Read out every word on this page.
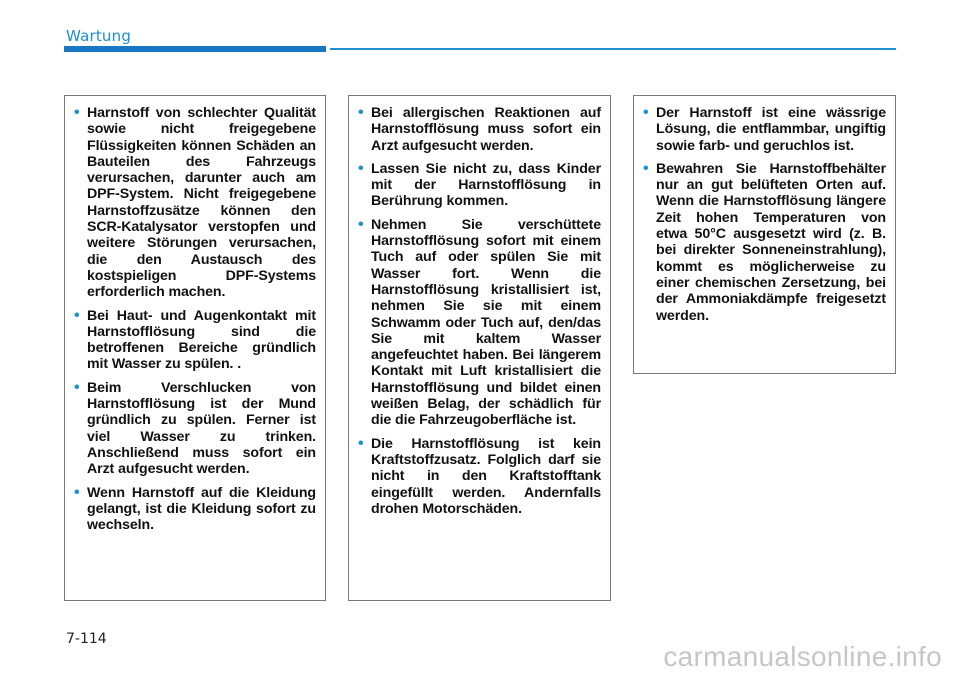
Wartung
• Harnstoff von schlechter Qualität sowie nicht freigegebene Flüssigkeiten können Schäden an Bauteilen des Fahrzeugs verursachen, darunter auch am DPF-System. Nicht freigegebene Harnstoffzusätze können den SCR-Katalysator verstopfen und weitere Störungen verursachen, die den Austausch des kostspieligen DPF-Systems erforderlich machen.
• Bei Haut- und Augenkontakt mit Harnstofflösung sind die betroffenen Bereiche gründlich mit Wasser zu spülen. .
• Beim Verschlucken von Harnstofflösung ist der Mund gründlich zu spülen. Ferner ist viel Wasser zu trinken. Anschließend muss sofort ein Arzt aufgesucht werden.
• Wenn Harnstoff auf die Kleidung gelangt, ist die Kleidung sofort zu wechseln.
• Bei allergischen Reaktionen auf Harnstofflösung muss sofort ein Arzt aufgesucht werden.
• Lassen Sie nicht zu, dass Kinder mit der Harnstofflösung in Berührung kommen.
• Nehmen Sie verschüttete Harnstofflösung sofort mit einem Tuch auf oder spülen Sie mit Wasser fort. Wenn die Harnstofflösung kristallisiert ist, nehmen Sie sie mit einem Schwamm oder Tuch auf, den/das Sie mit kaltem Wasser angefeuchtet haben. Bei längerem Kontakt mit Luft kristallisiert die Harnstofflösung und bildet einen weißen Belag, der schädlich für die die Fahrzeugoberfläche ist.
• Die Harnstofflösung ist kein Kraftstoffzusatz. Folglich darf sie nicht in den Kraftstofftank eingefüllt werden. Andernfalls drohen Motorschäden.
• Der Harnstoff ist eine wässrige Lösung, die entflammbar, ungiftig sowie farb- und geruchlos ist.
• Bewahren Sie Harnstoffbehälter nur an gut belüfteten Orten auf. Wenn die Harnstofflösung längere Zeit hohen Temperaturen von etwa 50°C ausgesetzt wird (z. B. bei direkter Sonneneinstrahlung), kommt es möglicherweise zu einer chemischen Zersetzung, bei der Ammoniakdämpfe freigesetzt werden.
7-114
carmanualsonline.info
